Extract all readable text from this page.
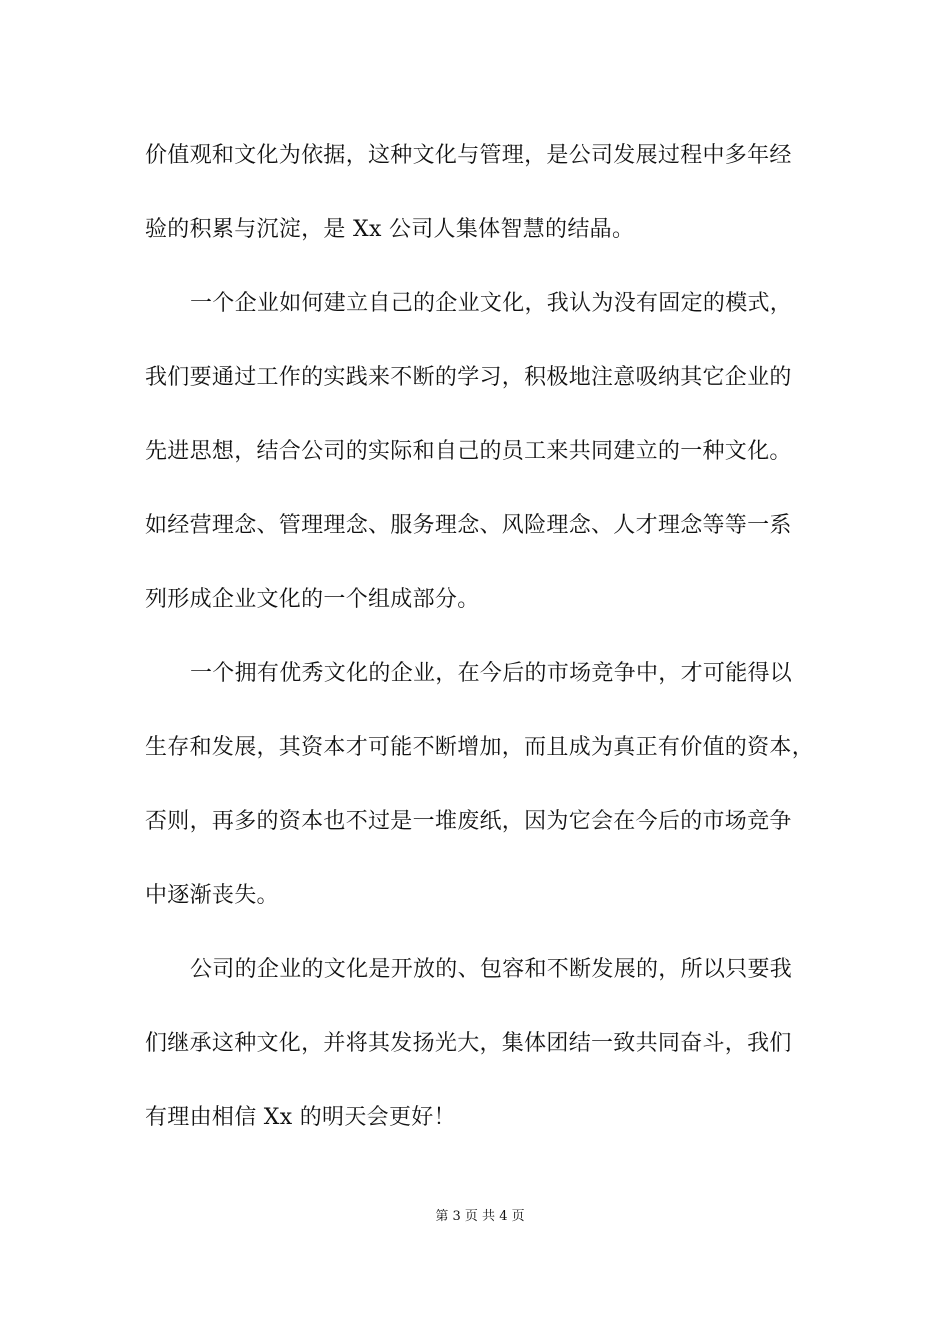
价值观和文化为依据，这种文化与管理，是公司发展过程中多年经
验的积累与沉淀，是 Xx 公司人集体智慧的结晶。
一个企业如何建立自己的企业文化，我认为没有固定的模式，
我们要通过工作的实践来不断的学习，积极地注意吸纳其它企业的
先进思想，结合公司的实际和自己的员工来共同建立的一种文化。
如经营理念、管理理念、服务理念、风险理念、人才理念等等一系
列形成企业文化的一个组成部分。
一个拥有优秀文化的企业，在今后的市场竞争中，才可能得以
生存和发展，其资本才可能不断增加，而且成为真正有价值的资本，
否则，再多的资本也不过是一堆废纸，因为它会在今后的市场竞争
中逐渐丧失。
公司的企业的文化是开放的、包容和不断发展的，所以只要我
们继承这种文化，并将其发扬光大，集体团结一致共同奋斗，我们
有理由相信 Xx 的明天会更好！
第 3 页 共 4 页
